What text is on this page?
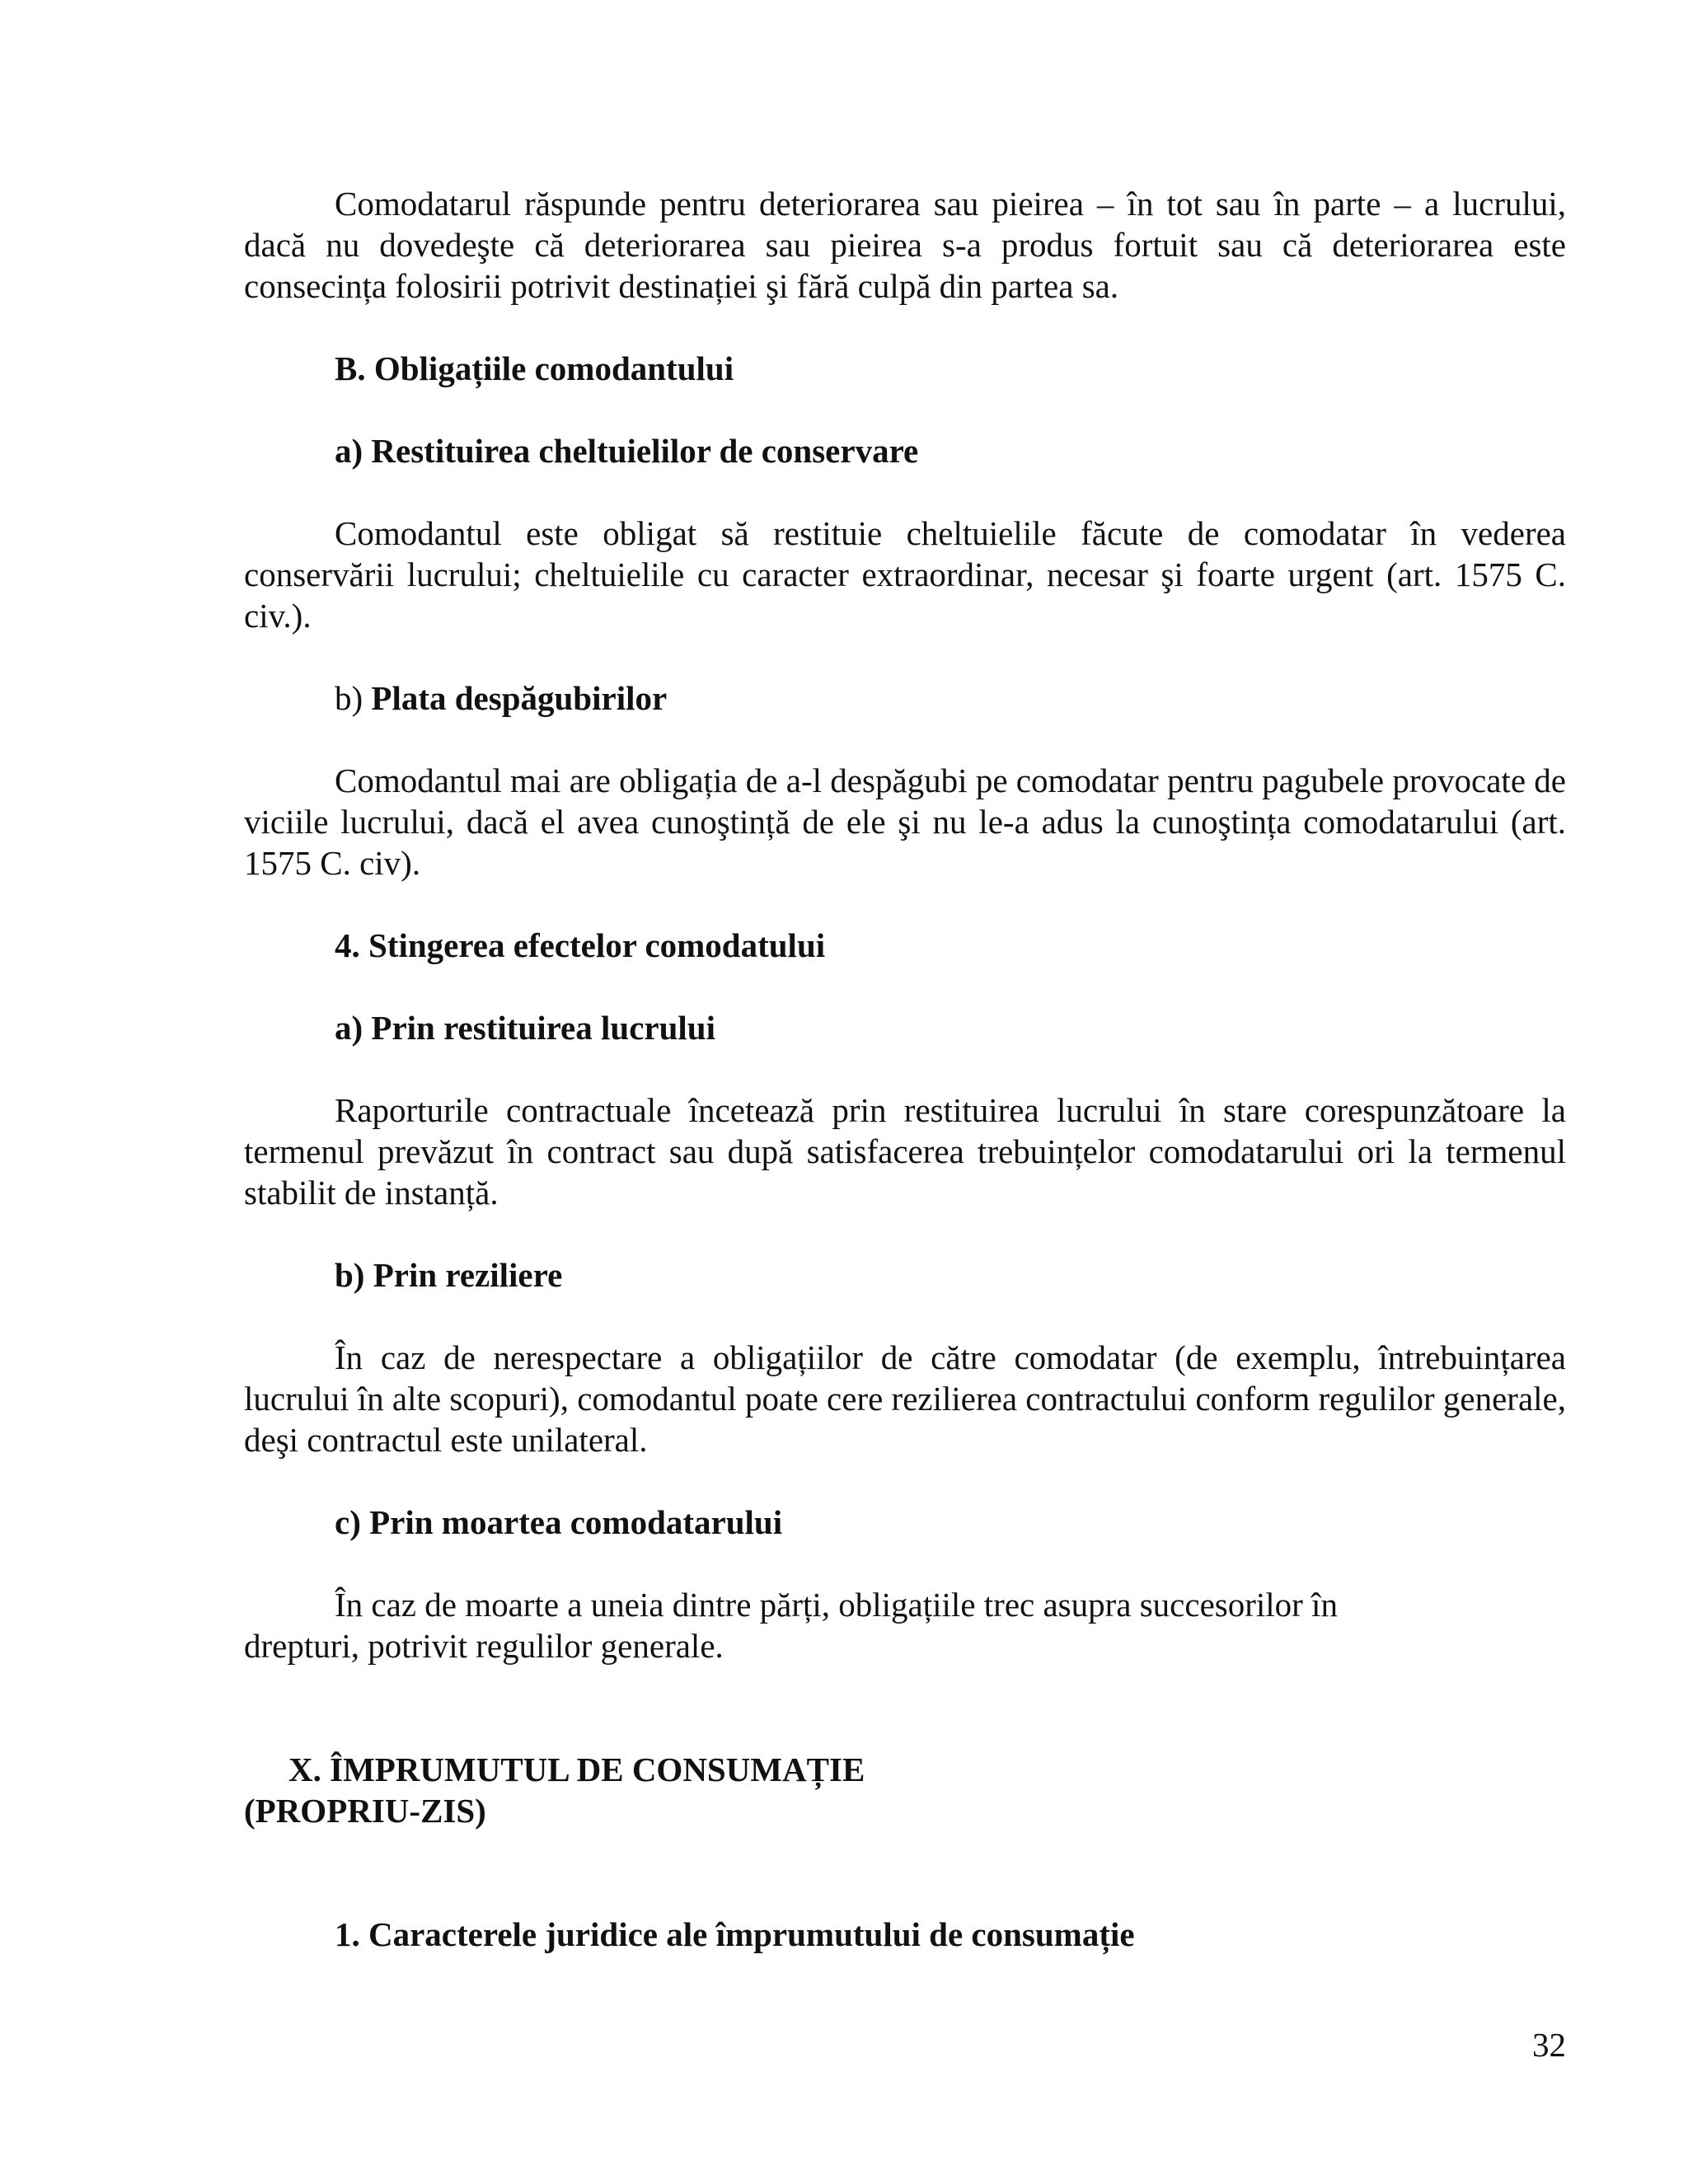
Comodatarul răspunde pentru deteriorarea sau pieirea – în tot sau în parte – a lucrului, dacă nu dovedeşte că deteriorarea sau pieirea s-a produs fortuit sau că deteriorarea este consecința folosirii potrivit destinației şi fără culpă din partea sa.

B. Obligațiile comodantului
a) Restituirea cheltuielilor de conservare

Comodantul este obligat să restituie cheltuielile făcute de comodatar în vederea conservării lucrului; cheltuielile cu caracter extraordinar, necesar şi foarte urgent (art. 1575 C. civ.).

b) Plata despăgubirilor

Comodantul mai are obligația de a-l despăgubi pe comodatar pentru pagubele provocate de viciile lucrului, dacă el avea cunoştință de ele şi nu le-a adus la cunoştința comodatarului (art. 1575 C. civ).

4. Stingerea efectelor comodatului
a) Prin restituirea lucrului

Raporturile contractuale încetează prin restituirea lucrului în stare corespunzătoare la termenul prevăzut în contract sau după satisfacerea trebuințelor comodatarului ori la termenul stabilit de instanță.

b) Prin reziliere

În caz de nerespectare a obligațiilor de către comodatar (de exemplu, întrebuințarea lucrului în alte scopuri), comodantul poate cere rezilierea contractului conform regulilor generale, deşi contractul este unilateral.

c) Prin moartea comodatarului

În caz de moarte a uneia dintre părți, obligațiile trec asupra succesorilor în drepturi, potrivit regulilor generale.

X. ÎMPRUMUTUL DE CONSUMAȚIE
(PROPRIU-ZIS)
1. Caracterele juridice ale împrumutului de consumație
32
